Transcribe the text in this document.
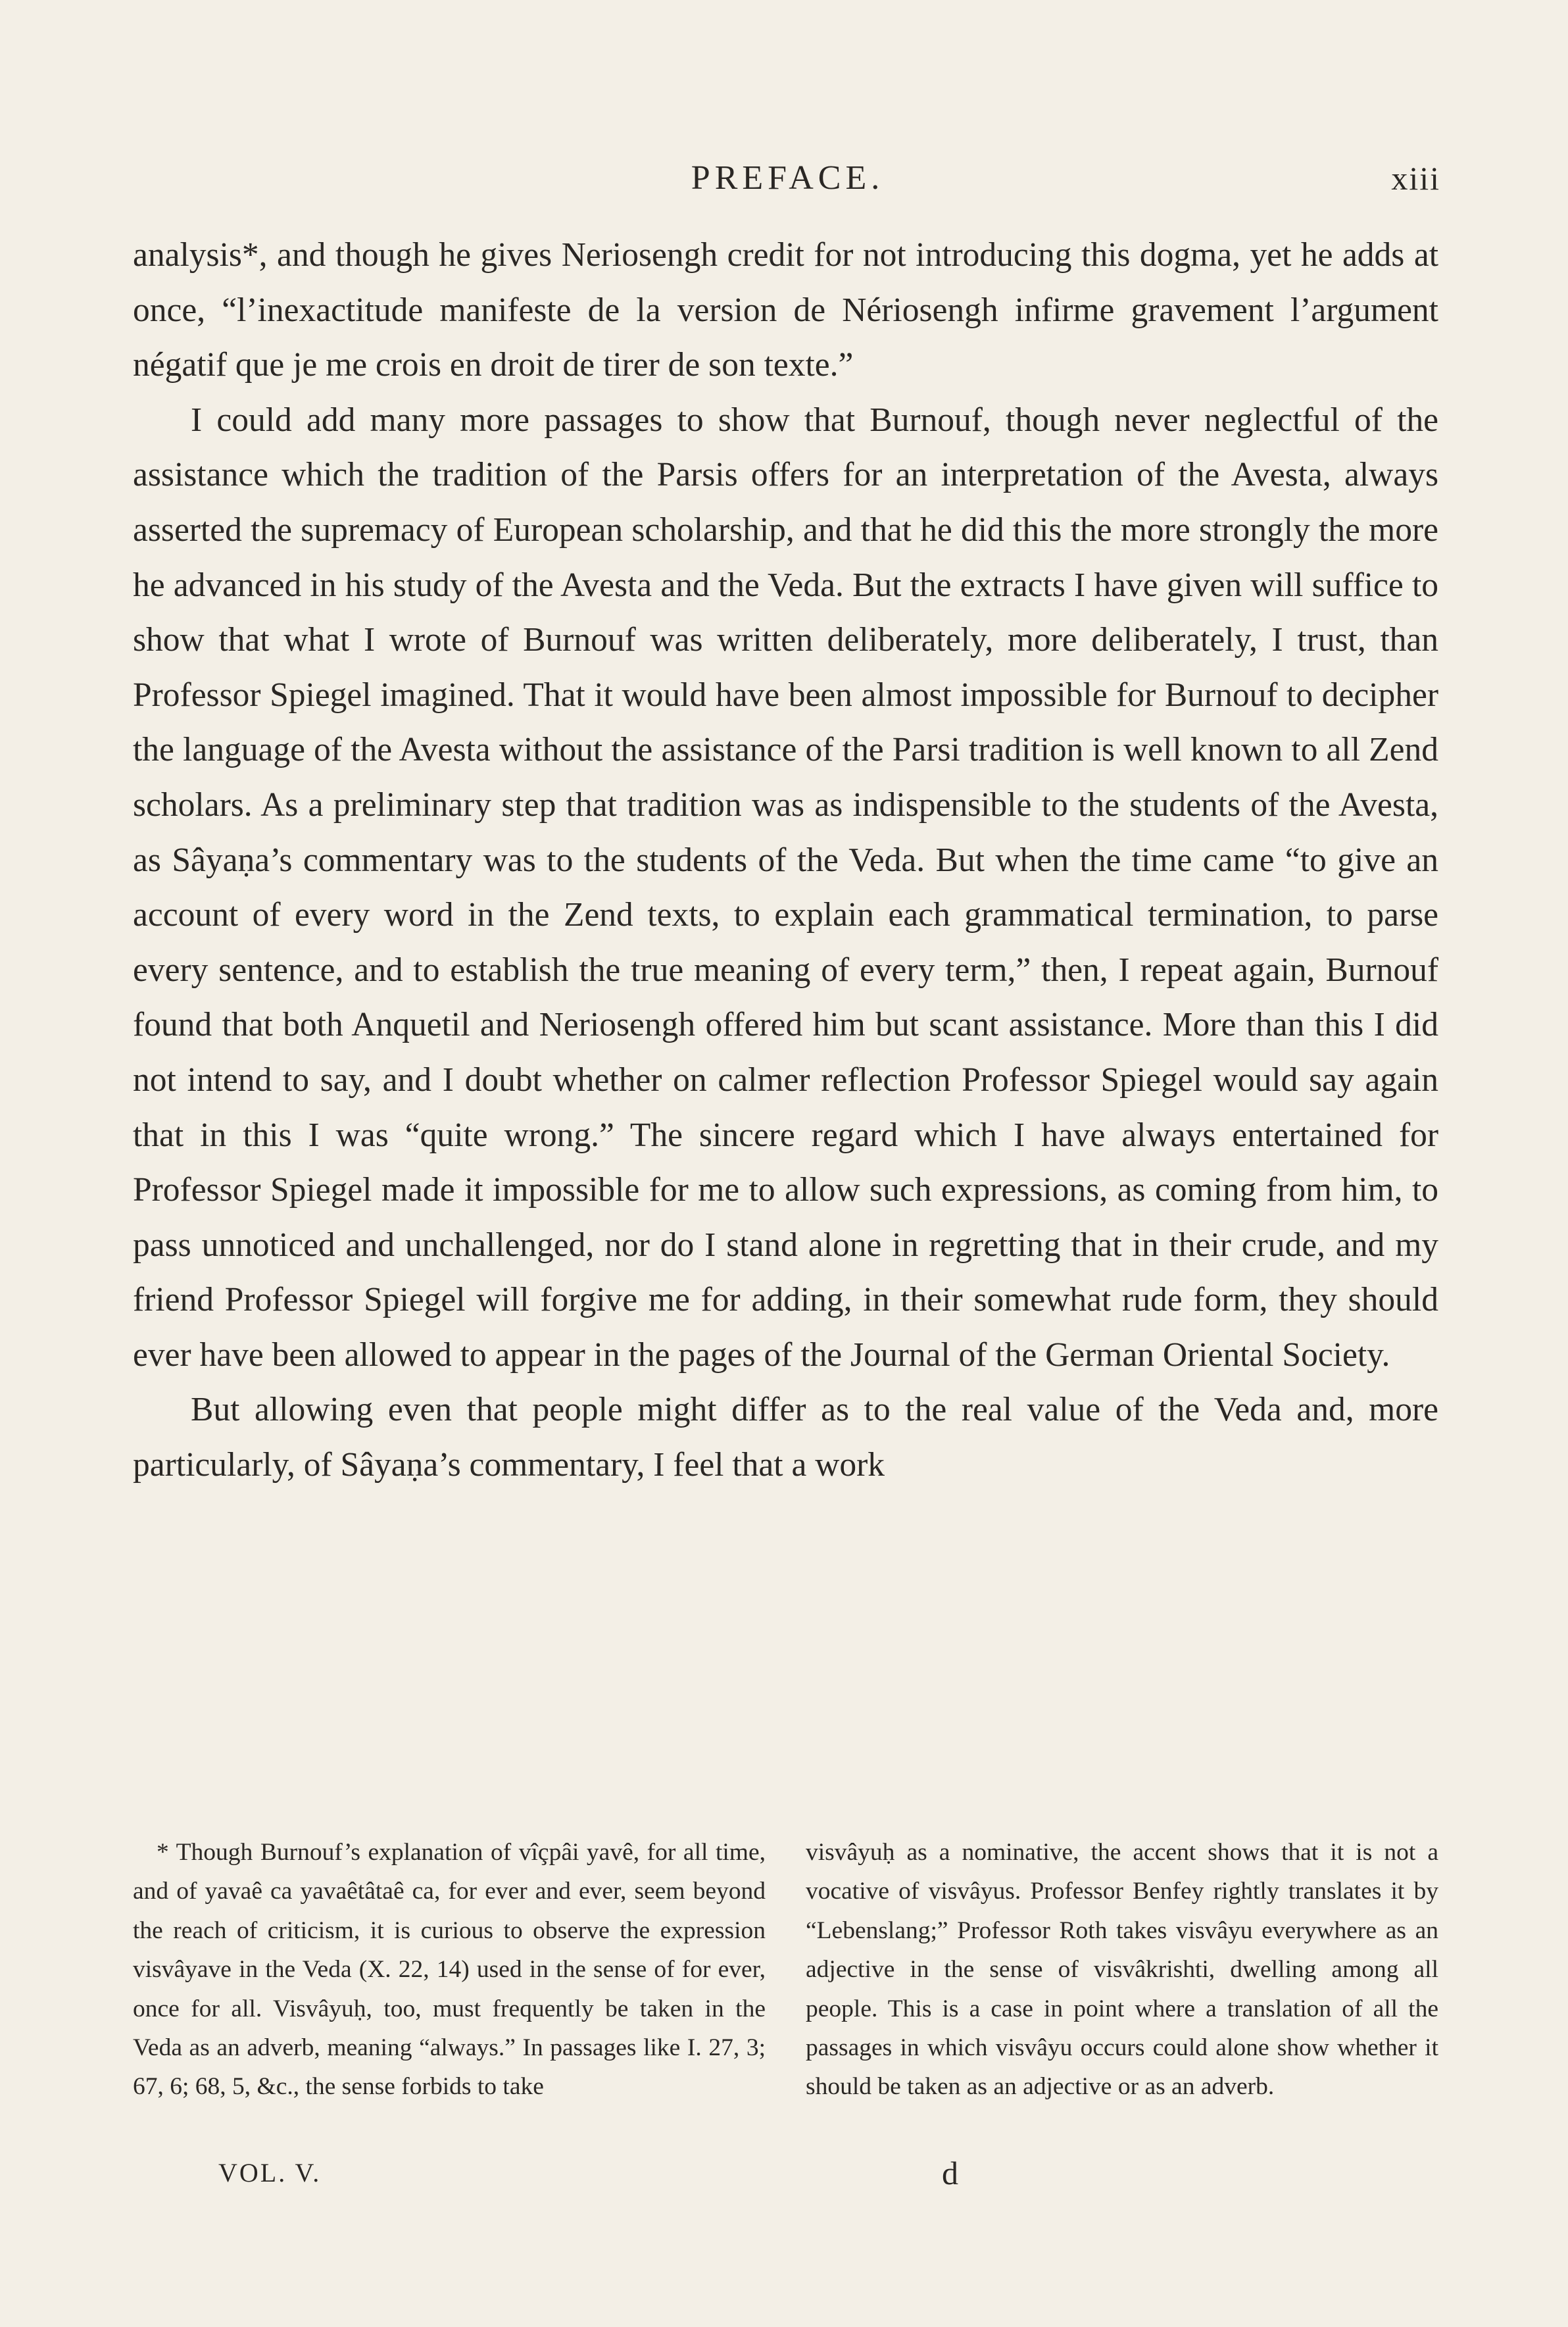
PREFACE.	xiii

analysis*, and though he gives Neriosengh credit for not introducing this dogma, yet he adds at once, “l’inexactitude manifeste de la version de Nériosengh infirme gravement l’argument négatif que je me crois en droit de tirer de son texte.”

I could add many more passages to show that Burnouf, though never neglectful of the assistance which the tradition of the Parsis offers for an interpretation of the Avesta, always asserted the supremacy of European scholarship, and that he did this the more strongly the more he advanced in his study of the Avesta and the Veda. But the extracts I have given will suffice to show that what I wrote of Burnouf was written deliberately, more deliberately, I trust, than Professor Spiegel imagined. That it would have been almost impossible for Burnouf to decipher the language of the Avesta without the assistance of the Parsi tradition is well known to all Zend scholars. As a preliminary step that tradition was as indispensible to the students of the Avesta, as Sâyaṇa’s commentary was to the students of the Veda. But when the time came “to give an account of every word in the Zend texts, to explain each grammatical termination, to parse every sentence, and to establish the true meaning of every term,” then, I repeat again, Burnouf found that both Anquetil and Neriosengh offered him but scant assistance. More than this I did not intend to say, and I doubt whether on calmer reflection Professor Spiegel would say again that in this I was “quite wrong.” The sincere regard which I have always entertained for Professor Spiegel made it impossible for me to allow such expressions, as coming from him, to pass unnoticed and unchallenged, nor do I stand alone in regretting that in their crude, and my friend Professor Spiegel will forgive me for adding, in their somewhat rude form, they should ever have been allowed to appear in the pages of the Journal of the German Oriental Society.

But allowing even that people might differ as to the real value of the Veda and, more particularly, of Sâyaṇa’s commentary, I feel that a work

* Though Burnouf’s explanation of vîçpâi yavê, for all time, and of yavaê ca yavaêtâtaê ca, for ever and ever, seem beyond the reach of criticism, it is curious to observe the expression visvâyave in the Veda (X. 22, 14) used in the sense of for ever, once for all. Visvâyuḥ, too, must frequently be taken in the Veda as an adverb, meaning “always.” In passages like I. 27, 3; 67, 6; 68, 5, &c., the sense forbids to take

visvâyuḥ as a nominative, the accent shows that it is not a vocative of visvâyus. Professor Benfey rightly translates it by “Lebenslang;” Professor Roth takes visvâyu everywhere as an adjective in the sense of visvâkrishti, dwelling among all people. This is a case in point where a translation of all the passages in which visvâyu occurs could alone show whether it should be taken as an adjective or as an adverb.

VOL. V.	d
